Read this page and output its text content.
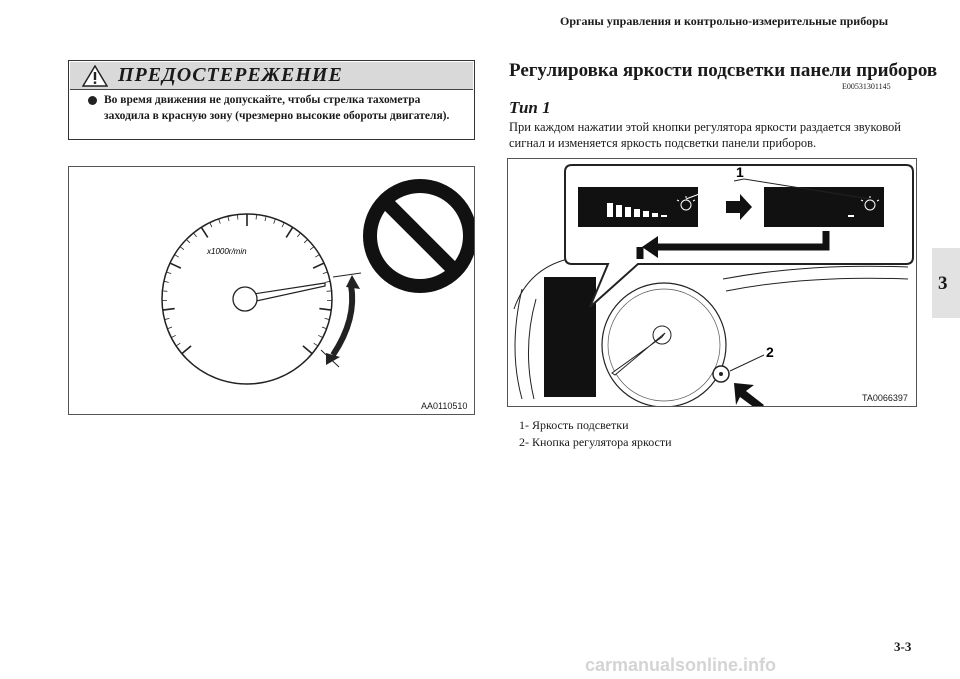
Органы управления и контрольно-измерительные приборы
3
ПРЕДОСТЕРЕЖЕНИЕ
Во время движения не допускайте, чтобы стрелка тахометра заходила в красную зону (чрезмерно высокие обороты двигателя).
x1000r/min
AA0110510
Регулировка яркости подсветки панели приборов
E00531301145
Тип 1
При каждом нажатии этой кнопки регулятора яркости раздается звуковой сигнал и изменяется яркость подсветки панели приборов.
2
1
TA0066397
1- Яркость подсветки
2- Кнопка регулятора яркости
3-3
carmanualsonline.info
